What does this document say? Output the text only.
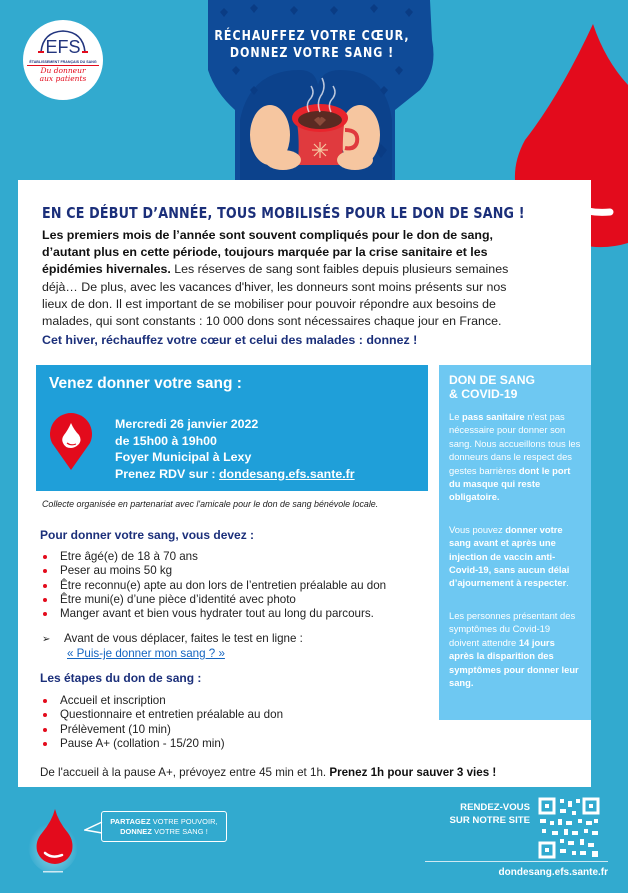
EFS
ÉTABLISSEMENT FRANÇAIS DU SANG
Du donneur
aux patients
RÉCHAUFFEZ VOTRE CŒUR,
DONNEZ VOTRE SANG !
EN CE DÉBUT D’ANNÉE, TOUS MOBILISÉS POUR LE DON DE SANG !
Les premiers mois de l’année sont souvent compliqués pour le don de sang, d’autant plus en cette période, toujours marquée par la crise sanitaire et les épidémies hivernales. Les réserves de sang sont faibles depuis plusieurs semaines déjà… De plus, avec les vacances d'hiver, les donneurs sont moins présents sur nos lieux de don. Il est important de se mobiliser pour pouvoir répondre aux besoins de malades, qui sont constants : 10 000 dons sont nécessaires chaque jour en France.
Cet hiver, réchauffez votre cœur et celui des malades : donnez !
Venez donner votre sang :
Mercredi 26 janvier 2022
de 15h00 à 19h00
Foyer Municipal à Lexy
Prenez RDV sur : dondesang.efs.sante.fr
Collecte organisée en partenariat avec l'amicale pour le don de sang bénévole locale.
DON DE SANG
& COVID-19

Le pass sanitaire n’est pas nécessaire pour donner son sang. Nous accueillons tous les donneurs dans le respect des gestes barrières dont le port du masque qui reste obligatoire.

Vous pouvez donner votre sang avant et après une injection de vaccin anti-Covid-19, sans aucun délai d’ajournement à respecter.

Les personnes présentant des symptômes du Covid-19 doivent attendre 14 jours après la disparition des symptômes pour donner leur sang.

Pour donner votre sang, vous devez :
Etre âgé(e) de 18 à 70 ans
Peser au moins 50 kg
Être reconnu(e) apte au don lors de l’entretien préalable au don
Être muni(e) d’une pièce d’identité avec photo
Manger avant et bien vous hydrater tout au long du parcours.
➢ Avant de vous déplacer, faites le test en ligne :
« Puis-je donner mon sang ? »
Les étapes du don de sang :
Accueil et inscription
Questionnaire et entretien préalable au don
Prélèvement (10 min)
Pause A+ (collation - 15/20 min)
De l'accueil à la pause A+, prévoyez entre 45 min et 1h. Prenez 1h pour sauver 3 vies !
PARTAGEZ VOTRE POUVOIR,
DONNEZ VOTRE SANG !
RENDEZ-VOUS
SUR NOTRE SITE
dondesang.efs.sante.fr
